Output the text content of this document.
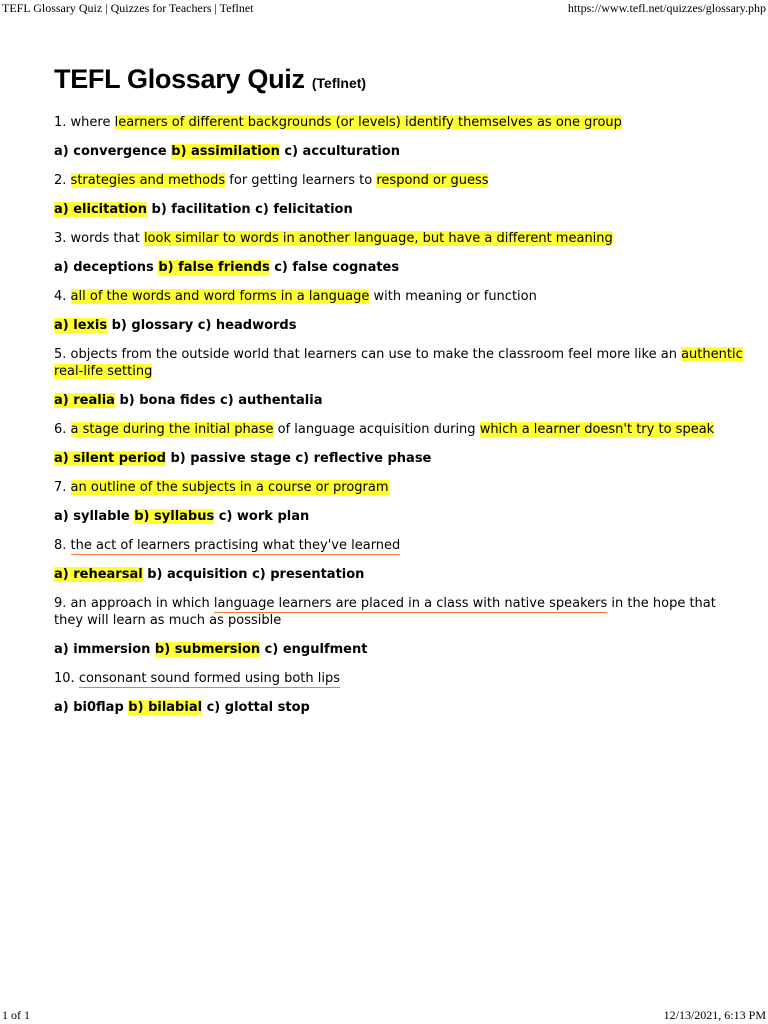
TEFL Glossary Quiz | Quizzes for Teachers | Teflnet	https://www.tefl.net/quizzes/glossary.php
TEFL Glossary Quiz (Teflnet)
1. where learners of different backgrounds (or levels) identify themselves as one group
a) convergence b) assimilation c) acculturation
2. strategies and methods for getting learners to respond or guess
a) elicitation b) facilitation c) felicitation
3. words that look similar to words in another language, but have a different meaning
a) deceptions b) false friends c) false cognates
4. all of the words and word forms in a language with meaning or function
a) lexis b) glossary c) headwords
5. objects from the outside world that learners can use to make the classroom feel more like an authentic real-life setting
a) realia b) bona fides c) authentalia
6. a stage during the initial phase of language acquisition during which a learner doesn't try to speak
a) silent period b) passive stage c) reflective phase
7. an outline of the subjects in a course or program
a) syllable b) syllabus c) work plan
8. the act of learners practising what they've learned
a) rehearsal b) acquisition c) presentation
9. an approach in which language learners are placed in a class with native speakers in the hope that they will learn as much as possible
a) immersion b) submersion c) engulfment
10. consonant sound formed using both lips
a) bi0flap b) bilabial c) glottal stop
1 of 1	12/13/2021, 6:13 PM
